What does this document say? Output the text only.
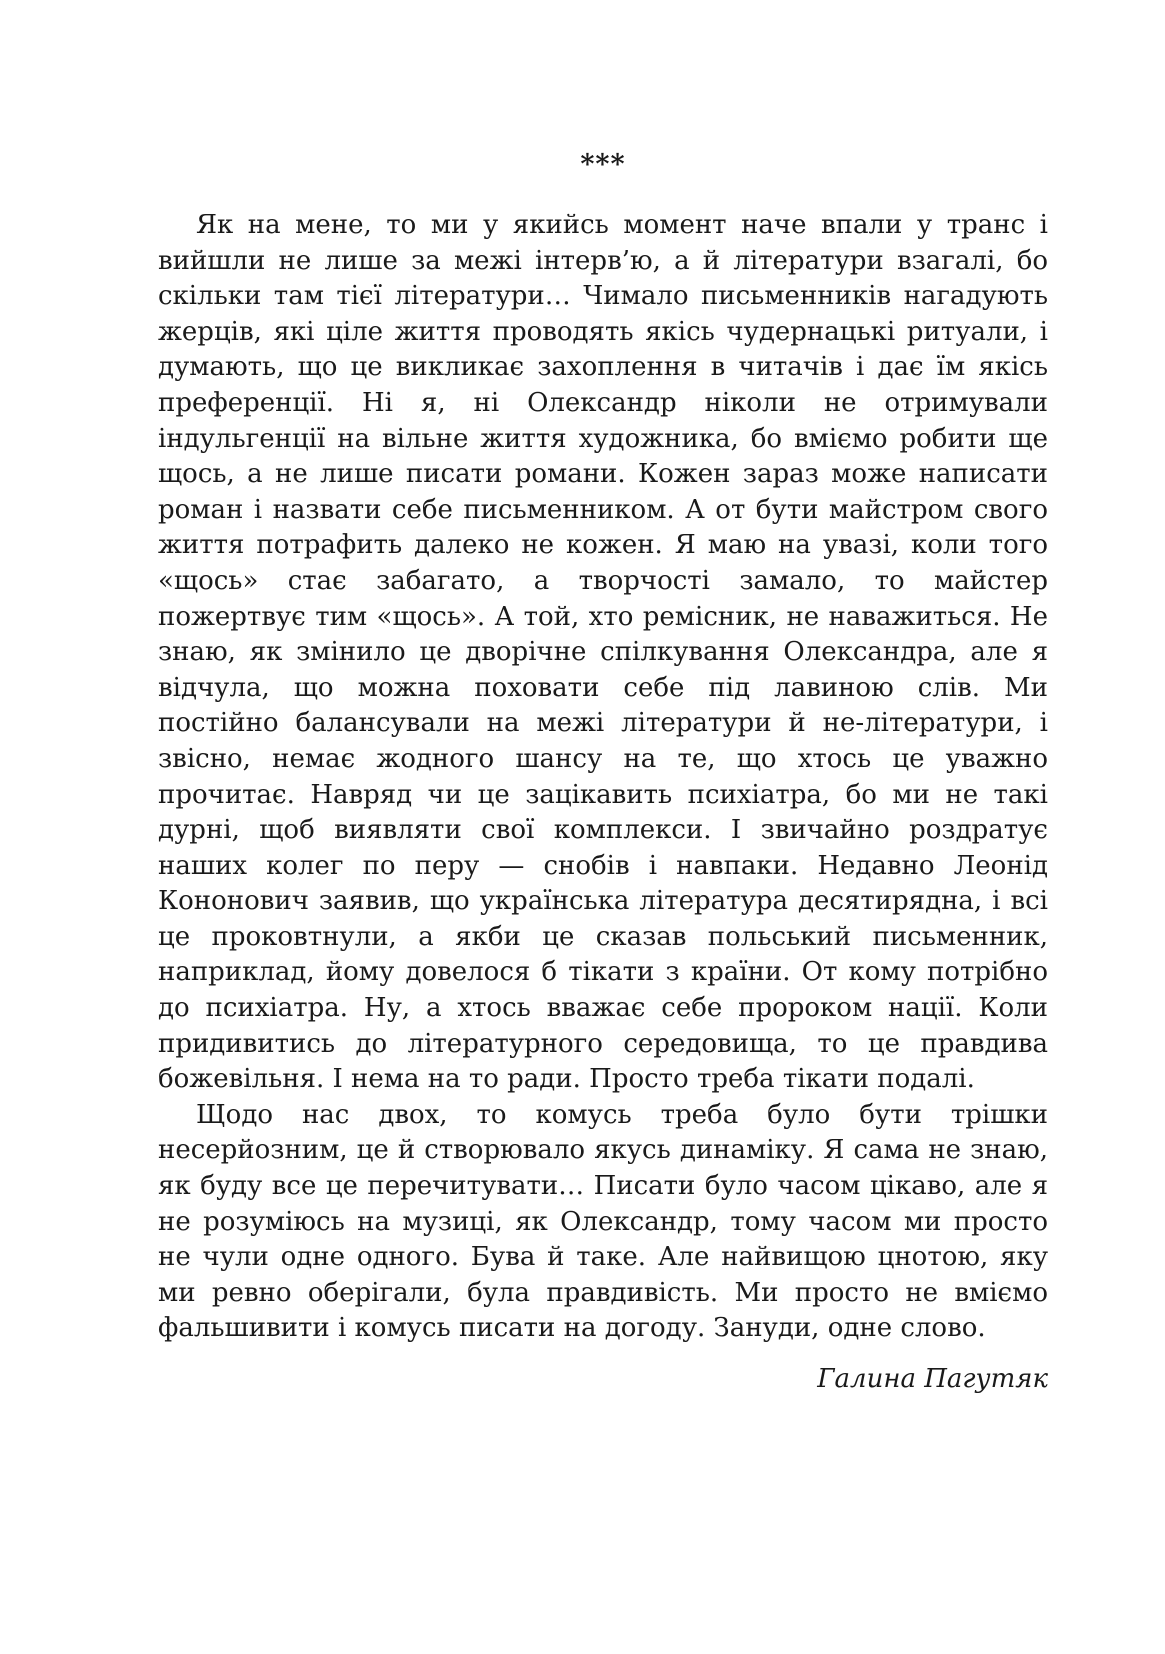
***

Як на мене, то ми у якийсь момент наче впали у транс і вийшли не лише за межі інтерв’ю, а й літератури взагалі, бо скільки там тієї літератури… Чимало письменників нагадують жерців, які ціле життя проводять якісь чудернацькі ритуали, і думають, що це викликає захоплення в читачів і дає їм якісь преференції. Ні я, ні Олександр ніколи не отримували індульгенції на вільне життя художника, бо вміємо робити ще щось, а не лише писати романи. Кожен зараз може написати роман і назвати себе письменником. А от бути майстром свого життя потрафить далеко не кожен. Я маю на увазі, коли того «щось» стає забагато, а творчості замало, то майстер пожертвує тим «щось». А той, хто ремісник, не наважиться. Не знаю, як змінило це дворічне спілкування Олександра, але я відчула, що можна поховати себе під лавиною слів. Ми постійно балансували на межі літератури й не-літератури, і звісно, немає жодного шансу на те, що хтось це уважно прочитає. Навряд чи це зацікавить психіатра, бо ми не такі дурні, щоб виявляти свої комплекси. І звичайно роздратує наших колег по перу — снобів і навпаки. Недавно Леонід Кононович заявив, що українська література десятирядна, і всі це проковтнули, а якби це сказав польський письменник, наприклад, йому довелося б тікати з країни. От кому потрібно до психіатра. Ну, а хтось вважає себе пророком нації. Коли придивитись до літературного середовища, то це правдива божевільня. І нема на то ради. Просто треба тікати подалі.

Щодо нас двох, то комусь треба було бути трішки несерйозним, це й створювало якусь динаміку. Я сама не знаю, як буду все це перечитувати… Писати було часом цікаво, але я не розуміюсь на музиці, як Олександр, тому часом ми просто не чули одне одного. Бува й таке. Але найвищою цнотою, яку ми ревно оберігали, була правдивість. Ми просто не вміємо фальшивити і комусь писати на догоду. Зануди, одне слово.

Галина Пагутяк
